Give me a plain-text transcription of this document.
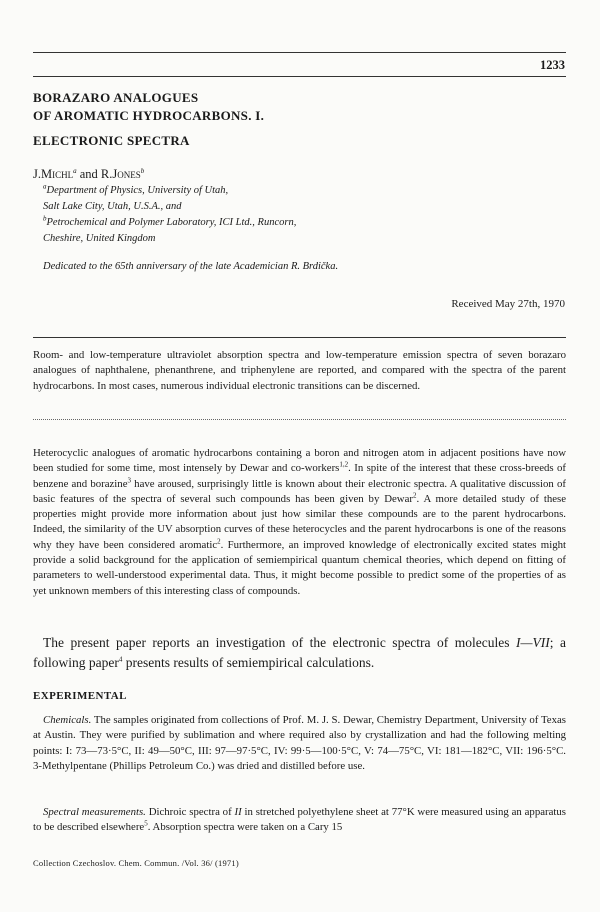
1233
BORAZARO ANALOGUES
OF AROMATIC HYDROCARBONS. I.
ELECTRONIC SPECTRA
J.Michl$^a$ and R.Jones$^b$
$^a$Department of Physics, University of Utah,
Salt Lake City, Utah, U.S.A., and
$^b$Petrochemical and Polymer Laboratory, ICI Ltd., Runcorn,
Cheshire, United Kingdom
Dedicated to the 65th anniversary of the late Academician R. Brdička.
Received May 27th, 1970

Room- and low-temperature ultraviolet absorption spectra and low-temperature emission spectra of seven borazaro analogues of naphthalene, phenanthrene, and triphenylene are reported, and compared with the spectra of the parent hydrocarbons. In most cases, numerous individual electronic transitions can be discerned.

Heterocyclic analogues of aromatic hydrocarbons containing a boron and nitrogen atom in adjacent positions have now been studied for some time, most intensely by Dewar and co-workers$^{1,2}$. In spite of the interest that these cross-breeds of benzene and borazine$^3$ have aroused, surprisingly little is known about their electronic spectra. A qualitative discussion of basic features of the spectra of several such compounds has been given by Dewar$^2$. A more detailed study of these properties might provide more information about just how similar these compounds are to the parent hydrocarbons. Indeed, the similarity of the UV absorption curves of these heterocycles and the parent hydrocarbons is one of the reasons why they have been considered aromatic$^2$. Furthermore, an improved knowledge of electronically excited states might provide a solid background for the application of semiempirical quantum chemical theories, which depend on fitting of parameters to well-understood experimental data. Thus, it might become possible to predict some of the properties of as yet unknown members of this interesting class of compounds.

The present paper reports an investigation of the electronic spectra of molecules I—VII; a following paper$^4$ presents results of semiempirical calculations.

EXPERIMENTAL

Chemicals. The samples originated from collections of Prof. M. J. S. Dewar, Chemistry Department, University of Texas at Austin. They were purified by sublimation and where required also by crystallization and had the following melting points: I: 73—73·5°C, II: 49—50°C, III: 97—97·5°C, IV: 99·5—100·5°C, V: 74—75°C, VI: 181—182°C, VII: 196·5°C. 3-Methylpentane (Phillips Petroleum Co.) was dried and distilled before use.

Spectral measurements. Dichroic spectra of II in stretched polyethylene sheet at 77°K were measured using an apparatus to be described elsewhere$^5$. Absorption spectra were taken on a Cary 15

Collection Czechoslov. Chem. Commun. /Vol. 36/ (1971)
